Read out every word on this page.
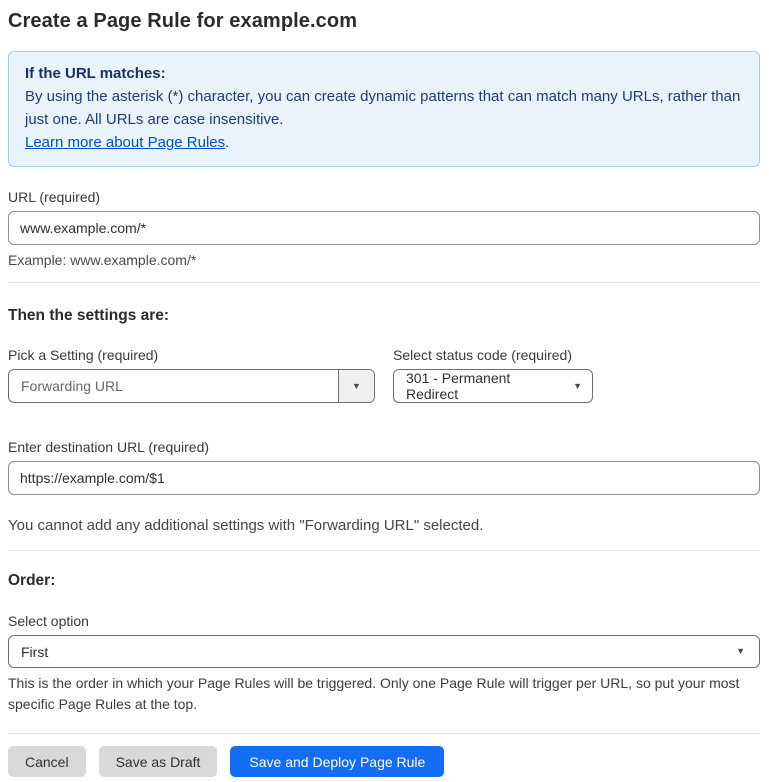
Create a Page Rule for example.com
If the URL matches:
By using the asterisk (*) character, you can create dynamic patterns that can match many URLs, rather than just one. All URLs are case insensitive.
Learn more about Page Rules.
URL (required)
www.example.com/*
Example: www.example.com/*
Then the settings are:
Pick a Setting (required)
Forwarding URL	▼
Select status code (required)
301 - Permanent Redirect
▼
Enter destination URL (required)
https://example.com/$1
You cannot add any additional settings with "Forwarding URL" selected.
Order:
Select option
First	▼
This is the order in which your Page Rules will be triggered. Only one Page Rule will trigger per URL, so put your most specific Page Rules at the top.
Cancel	Save as Draft	Save and Deploy Page Rule
